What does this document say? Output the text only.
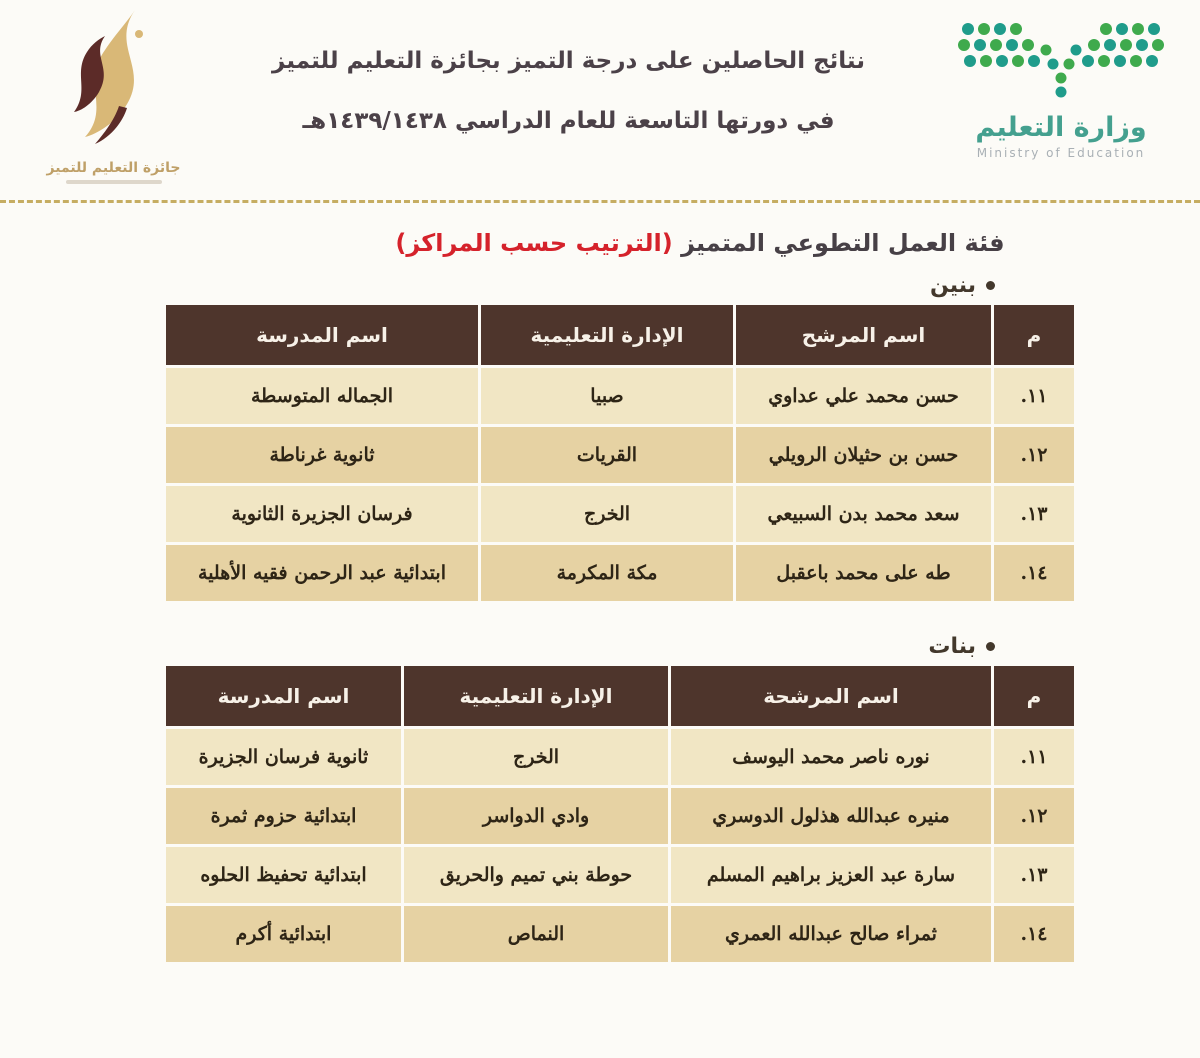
جائزة التعليم للتميز
نتائج الحاصلين على درجة التميز بجائزة التعليم للتميز
في دورتها التاسعة للعام الدراسي ١٤٣٩/١٤٣٨هـ	وزارة التعليم
Ministry of Education
فئة العمل التطوعي المتميز (الترتيب حسب المراكز)
بنين
م	اسم المرشح	الإدارة التعليمية	اسم المدرسة
١١.	حسن محمد علي عداوي	صبيا	الجماله المتوسطة
١٢.	حسن بن حثيلان الرويلي	القريات	ثانوية غرناطة
١٣.	سعد محمد بدن السبيعي	الخرج	فرسان الجزيرة الثانوية
١٤.	طه على محمد باعقبل	مكة المكرمة	ابتدائية عبد الرحمن فقيه الأهلية
بنات
م	اسم المرشحة	الإدارة التعليمية	اسم المدرسة
١١.	نوره ناصر محمد اليوسف	الخرج	ثانوية فرسان الجزيرة
١٢.	منيره عبدالله هذلول الدوسري	وادي الدواسر	ابتدائية حزوم ثمرة
١٣.	سارة عبد العزيز براهيم المسلم	حوطة بني تميم والحريق	ابتدائية تحفيظ الحلوه
١٤.	ثمراء صالح عبدالله العمري	النماص	ابتدائية أكرم
